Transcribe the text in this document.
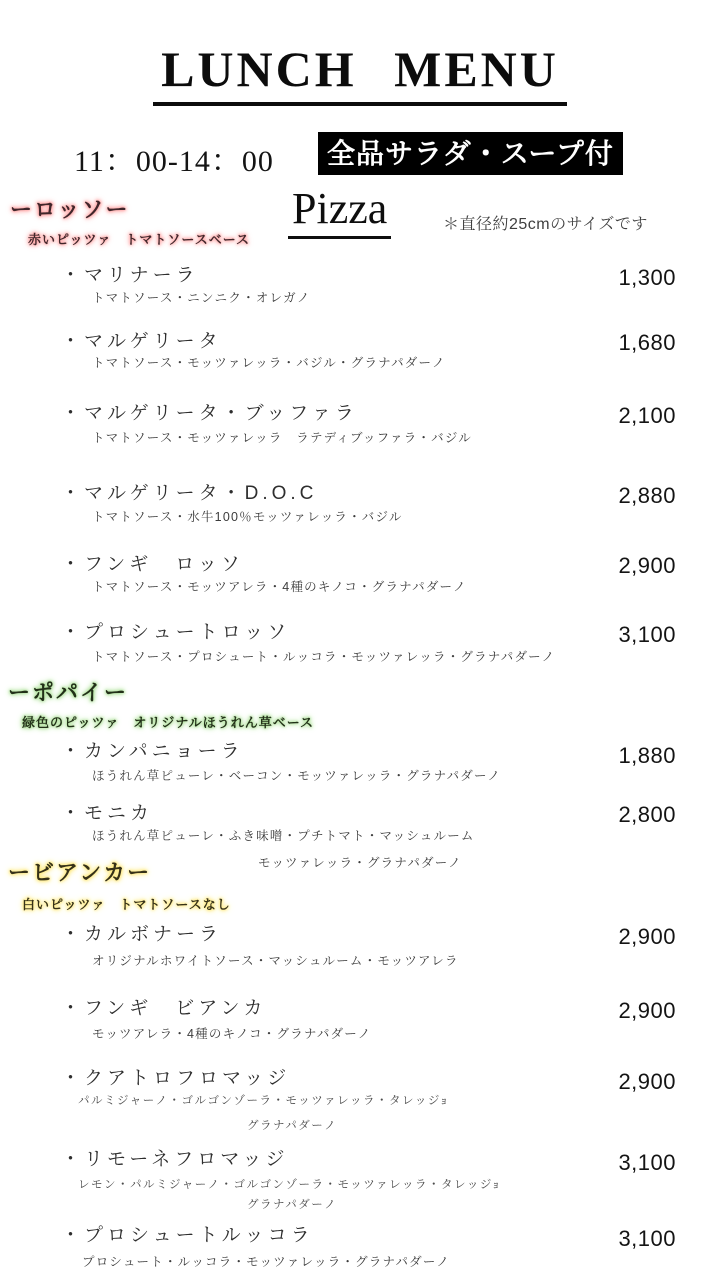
LUNCH MENU
11：00-14：00	全品サラダ・スープ付
Pizza	＊直径約25cmのサイズです
ーロッソー
赤いピッツァ　トマトソースベース
・マリナーラ
トマトソース・ニンニク・オレガノ
1,300
・マルゲリータ
トマトソース・モッツァレッラ・バジル・グラナパダーノ
1,680
・マルゲリータ・ブッファラ
トマトソース・モッツァレッラ　ラテディブッファラ・バジル
2,100
・マルゲリータ・D.O.C
トマトソース・水牛100％モッツァレッラ・バジル
2,880
・フンギ　ロッソ
トマトソース・モッツアレラ・4種のキノコ・グラナパダーノ
2,900
・プロシュートロッソ
トマトソース・プロシュート・ルッコラ・モッツァレッラ・グラナパダーノ
3,100
ーポパイー
緑色のピッツァ　オリジナルほうれん草ベース
・カンパニョーラ
ほうれん草ピューレ・ベーコン・モッツァレッラ・グラナパダーノ
1,880
・モニカ
ほうれん草ピューレ・ふき味噌・プチトマト・マッシュルーム
モッツァレッラ・グラナパダーノ
2,800
ービアンカー
白いピッツァ　トマトソースなし
・カルボナーラ
オリジナルホワイトソース・マッシュルーム・モッツアレラ
2,900
・フンギ　ビアンカ
モッツアレラ・4種のキノコ・グラナパダーノ
2,900
・クアトロフロマッジ
パルミジャーノ・ゴルゴンゾーラ・モッツァレッラ・タレッジｮ
グラナパダーノ
2,900
・リモーネフロマッジ
レモン・パルミジャーノ・ゴルゴンゾーラ・モッツァレッラ・タレッジｮ
グラナパダーノ
3,100
・プロシュートルッコラ
プロシュート・ルッコラ・モッツァレッラ・グラナパダーノ
3,100
